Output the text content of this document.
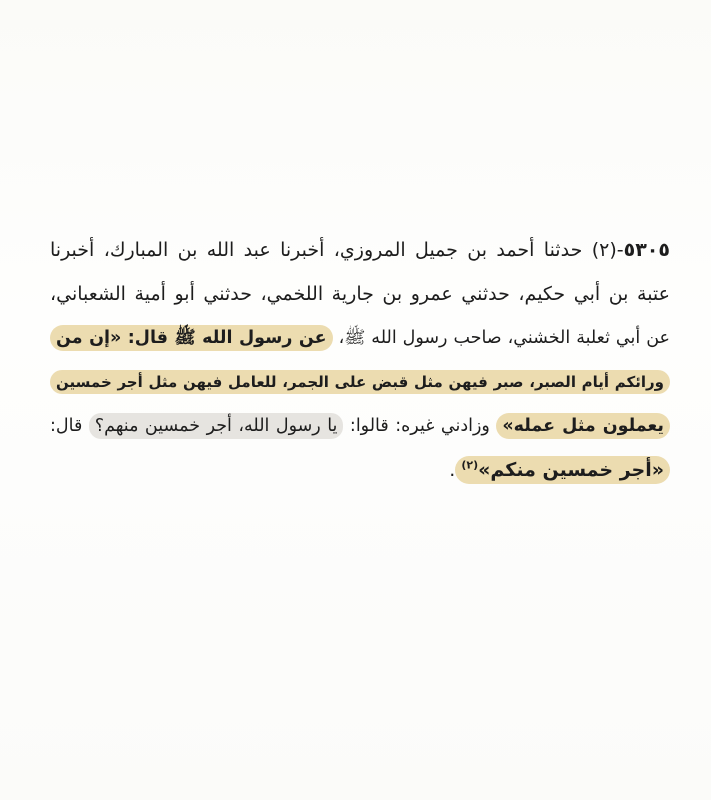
٥٣٠٥-(٢) حدثنا أحمد بن جميل المروزي، أخبرنا عبد الله بن المبارك، أخبرنا
عتبة بن أبي حكيم، حدثني عمرو بن جارية اللخمي، حدثني أبو أمية الشعباني،
عن أبي ثعلبة الخشني، صاحب رسول الله ﷺ، عن رسول الله ﷺ قال: «إن من
ورائكم أيام الصبر، صبر فيهن مثل قبض على الجمر، للعامل فيهن مثل أجر خمسين
يعملون مثل عمله» وزادني غيره: قالوا: يا رسول الله، أجر خمسين منهم؟ قال:
«أجر خمسين منكم»$^{(٢)}$.
